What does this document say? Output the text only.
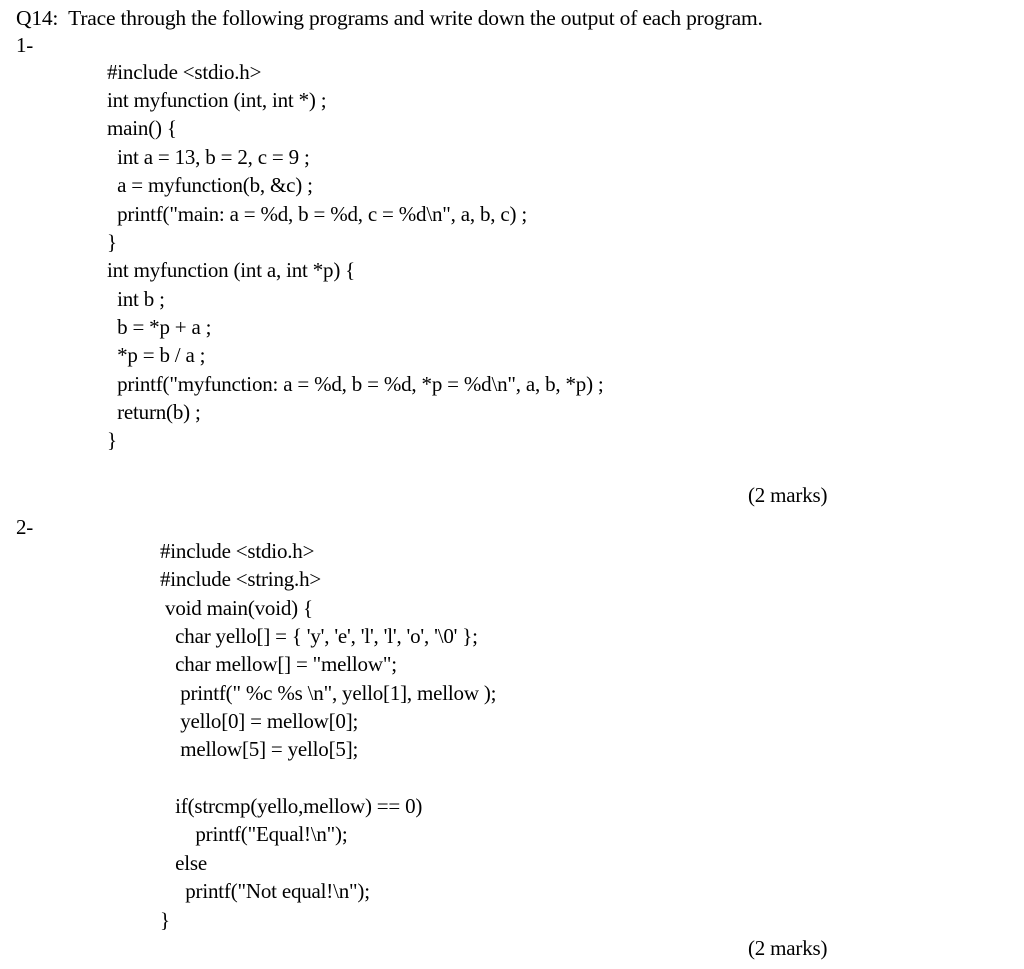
Q14:  Trace through the following programs and write down the output of each program.
1-
#include <stdio.h>
int myfunction (int, int *) ;
main() {
int a = 13, b = 2, c = 9 ;
a = myfunction(b, &c) ;
printf("main: a = %d, b = %d, c = %d\n", a, b, c) ;
}
int myfunction (int a, int *p) {
int b ;
b = *p + a ;
*p = b / a ;
printf("myfunction: a = %d, b = %d, *p = %d\n", a, b, *p) ;
return(b) ;
}
(2 marks)
2-
#include <stdio.h>
#include <string.h>
void main(void) {
char yello[] = { 'y', 'e', 'l', 'l', 'o', '\0' };
char mellow[] = "mellow";
printf(" %c %s \n", yello[1], mellow );
yello[0] = mellow[0];
mellow[5] = yello[5];
if(strcmp(yello,mellow) == 0)
printf("Equal!\n");
else
printf("Not equal!\n");
}
(2 marks)
